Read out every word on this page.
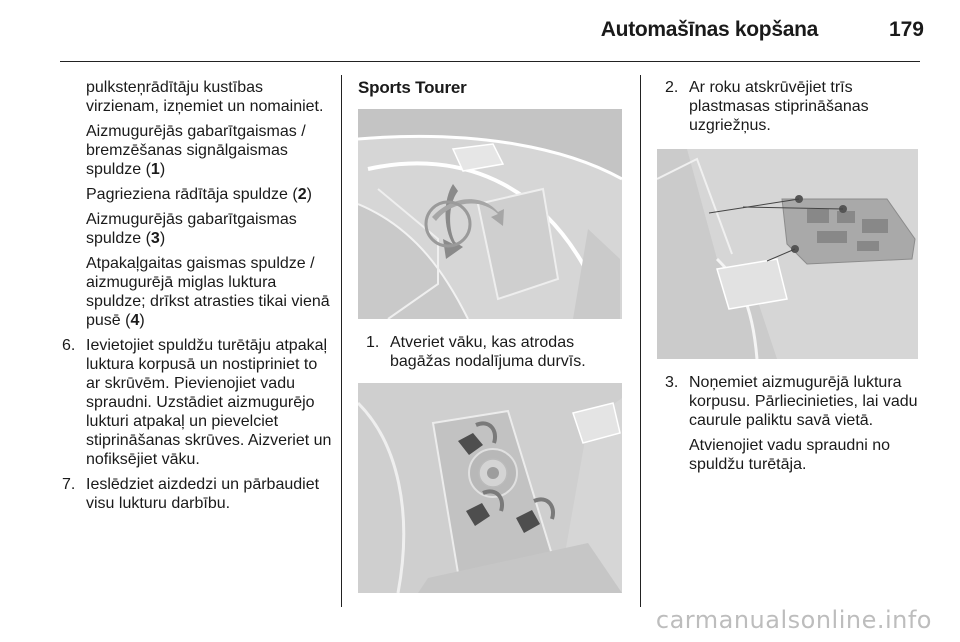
Automašīnas kopšana	179

pulksteņrādītāju kustības virzienam, izņemiet un nomainiet.

Aizmugurējās gabarītgaismas / bremzēšanas signālgaismas spuldze (1)

Pagrieziena rādītāja spuldze (2)

Aizmugurējās gabarītgaismas spuldze (3)

Atpakaļgaitas gaismas spuldze / aizmugurējā miglas luktura spuldze; drīkst atrasties tikai vienā pusē (4)

6. Ievietojiet spuldžu turētāju atpakaļ luktura korpusā un nostipriniet to ar skrūvēm. Pievienojiet vadu spraudni. Uzstādiet aizmugurējo lukturi atpakaļ un pievelciet stiprināšanas skrūves. Aizveriet un nofiksējiet vāku.
7. Ieslēdziet aizdedzi un pārbaudiet visu lukturu darbību.
Sports Tourer
1. Atveriet vāku, kas atrodas bagāžas nodalījuma durvīs.
2. Ar roku atskrūvējiet trīs plastmasas stiprināšanas uzgriežņus.
3. Noņemiet aizmugurējā luktura korpusu. Pārliecinieties, lai vadu caurule paliktu savā vietā.

Atvienojiet vadu spraudni no spuldžu turētāja.

carmanualsonline.info
